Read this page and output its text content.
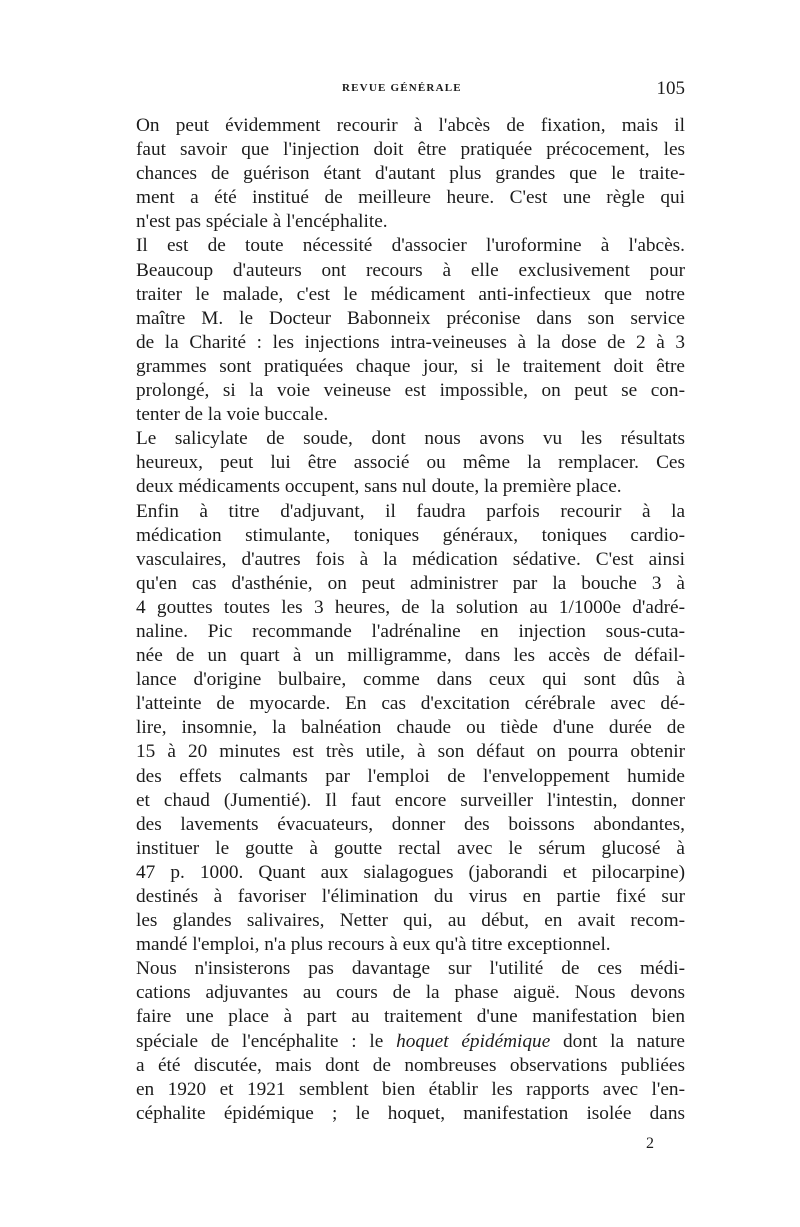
REVUE GÉNÉRALE	105

On peut évidemment recourir à l'abcès de fixation, mais il
faut savoir que l'injection doit être pratiquée précocement, les
chances de guérison étant d'autant plus grandes que le traite-
ment a été institué de meilleure heure. C'est une règle qui
n'est pas spéciale à l'encéphalite.

Il est de toute nécessité d'associer l'uroformine à l'abcès.
Beaucoup d'auteurs ont recours à elle exclusivement pour
traiter le malade, c'est le médicament anti-infectieux que notre
maître M. le Docteur Babonneix préconise dans son service
de la Charité : les injections intra-veineuses à la dose de 2 à 3
grammes sont pratiquées chaque jour, si le traitement doit être
prolongé, si la voie veineuse est impossible, on peut se con-
tenter de la voie buccale.

Le salicylate de soude, dont nous avons vu les résultats
heureux, peut lui être associé ou même la remplacer. Ces
deux médicaments occupent, sans nul doute, la première place.

Enfin à titre d'adjuvant, il faudra parfois recourir à la
médication stimulante, toniques généraux, toniques cardio-
vasculaires, d'autres fois à la médication sédative. C'est ainsi
qu'en cas d'asthénie, on peut administrer par la bouche 3 à
4 gouttes toutes les 3 heures, de la solution au 1/1000e d'adré-
naline. Pic recommande l'adrénaline en injection sous-cuta-
née de un quart à un milligramme, dans les accès de défail-
lance d'origine bulbaire, comme dans ceux qui sont dûs à
l'atteinte de myocarde. En cas d'excitation cérébrale avec dé-
lire, insomnie, la balnéation chaude ou tiède d'une durée de
15 à 20 minutes est très utile, à son défaut on pourra obtenir
des effets calmants par l'emploi de l'enveloppement humide
et chaud (Jumentié). Il faut encore surveiller l'intestin, donner
des lavements évacuateurs, donner des boissons abondantes,
instituer le goutte à goutte rectal avec le sérum glucosé à
47 p. 1000. Quant aux sialagogues (jaborandi et pilocarpine)
destinés à favoriser l'élimination du virus en partie fixé sur
les glandes salivaires, Netter qui, au début, en avait recom-
mandé l'emploi, n'a plus recours à eux qu'à titre exceptionnel.

Nous n'insisterons pas davantage sur l'utilité de ces médi-
cations adjuvantes au cours de la phase aiguë. Nous devons
faire une place à part au traitement d'une manifestation bien
spéciale de l'encéphalite : le hoquet épidémique dont la nature
a été discutée, mais dont de nombreuses observations publiées
en 1920 et 1921 semblent bien établir les rapports avec l'en-
céphalite épidémique ; le hoquet, manifestation isolée dans

2
